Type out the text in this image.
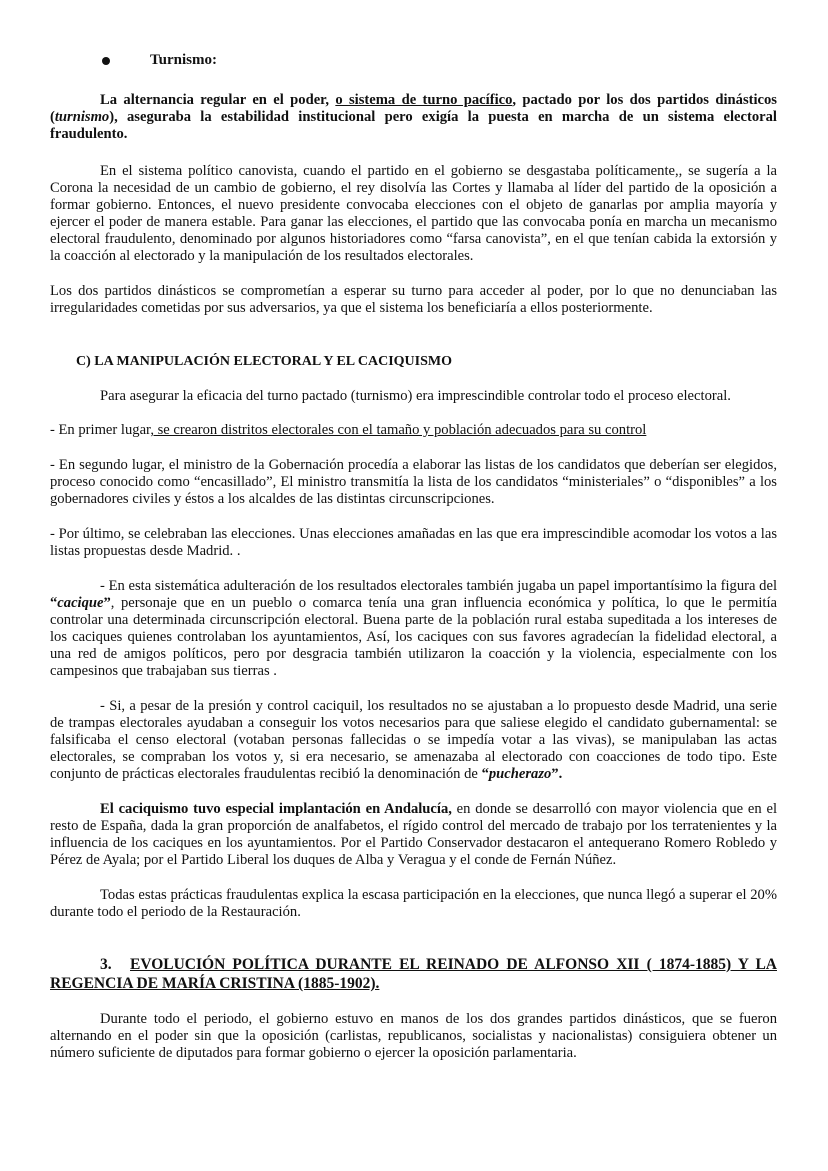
Turnismo:

La alternancia regular en el poder, o sistema de turno pacífico, pactado por los dos partidos dinásticos (turnismo), aseguraba la estabilidad institucional pero exigía la puesta en marcha de un sistema electoral fraudulento.

En el sistema político canovista, cuando el partido en el gobierno se desgastaba políticamente,, se sugería a la Corona la necesidad de un cambio de gobierno, el rey disolvía las Cortes y llamaba al líder del partido de la oposición a formar gobierno. Entonces, el nuevo presidente convocaba elecciones con el objeto de ganarlas por amplia mayoría y ejercer el poder de manera estable. Para ganar las elecciones, el partido que las convocaba ponía en marcha un mecanismo electoral fraudulento, denominado por algunos historiadores como “farsa canovista”, en el que tenían cabida la extorsión y la coacción al electorado y la manipulación de los resultados electorales.

Los dos partidos dinásticos se comprometían a esperar su turno para acceder al poder, por lo que no denunciaban las irregularidades cometidas por sus adversarios, ya que el sistema los beneficiaría a ellos posteriormente.

C) LA MANIPULACIÓN ELECTORAL Y EL CACIQUISMO

Para asegurar la eficacia del turno pactado (turnismo) era imprescindible controlar todo el proceso electoral.

- En primer lugar, se crearon distritos electorales con el tamaño y población adecuados para su control

- En segundo lugar, el ministro de la Gobernación procedía a elaborar las listas de los candidatos que deberían ser elegidos, proceso conocido como “encasillado”, El ministro transmitía la lista de los candidatos “ministeriales” o “disponibles” a los gobernadores civiles y éstos a los alcaldes de las distintas circunscripciones.

- Por último, se celebraban las elecciones. Unas elecciones amañadas en las que era imprescindible acomodar los votos a las listas propuestas desde Madrid. .

- En esta sistemática adulteración de los resultados electorales también jugaba un papel importantísimo la figura del “cacique”, personaje que en un pueblo o comarca tenía una gran influencia económica y política, lo que le permitía controlar una determinada circunscripción electoral. Buena parte de la población rural estaba supeditada a los intereses de los caciques quienes controlaban los ayuntamientos, Así, los caciques con sus favores agradecían la fidelidad electoral, a una red de amigos políticos, pero por desgracia también utilizaron la coacción y la violencia, especialmente con los campesinos que trabajaban sus tierras .

- Si, a pesar de la presión y control caciquil, los resultados no se ajustaban a lo propuesto desde Madrid, una serie de trampas electorales ayudaban a conseguir los votos necesarios para que saliese elegido el candidato gubernamental: se falsificaba el censo electoral (votaban personas fallecidas o se impedía votar a las vivas), se manipulaban las actas electorales, se compraban los votos y, si era necesario, se amenazaba al electorado con coacciones de todo tipo. Este conjunto de prácticas electorales fraudulentas recibió la denominación de “pucherazo”.

El caciquismo tuvo especial implantación en Andalucía, en donde se desarrolló con mayor violencia que en el resto de España, dada la gran proporción de analfabetos, el rígido control del mercado de trabajo por los terratenientes y la influencia de los caciques en los ayuntamientos. Por el Partido Conservador destacaron el antequerano Romero Robledo y Pérez de Ayala; por el Partido Liberal los duques de Alba y Veragua y el conde de Fernán Núñez.

Todas estas prácticas fraudulentas explica la escasa participación en la elecciones, que nunca llegó a superar el 20% durante todo el periodo de la Restauración.

3. EVOLUCIÓN POLÍTICA DURANTE EL REINADO DE ALFONSO XII ( 1874-1885) Y LA REGENCIA DE MARÍA CRISTINA (1885-1902).

Durante todo el periodo, el gobierno estuvo en manos de los dos grandes partidos dinásticos, que se fueron alternando en el poder sin que la oposición (carlistas, republicanos, socialistas y nacionalistas) consiguiera obtener un número suficiente de diputados para formar gobierno o ejercer la oposición parlamentaria.
